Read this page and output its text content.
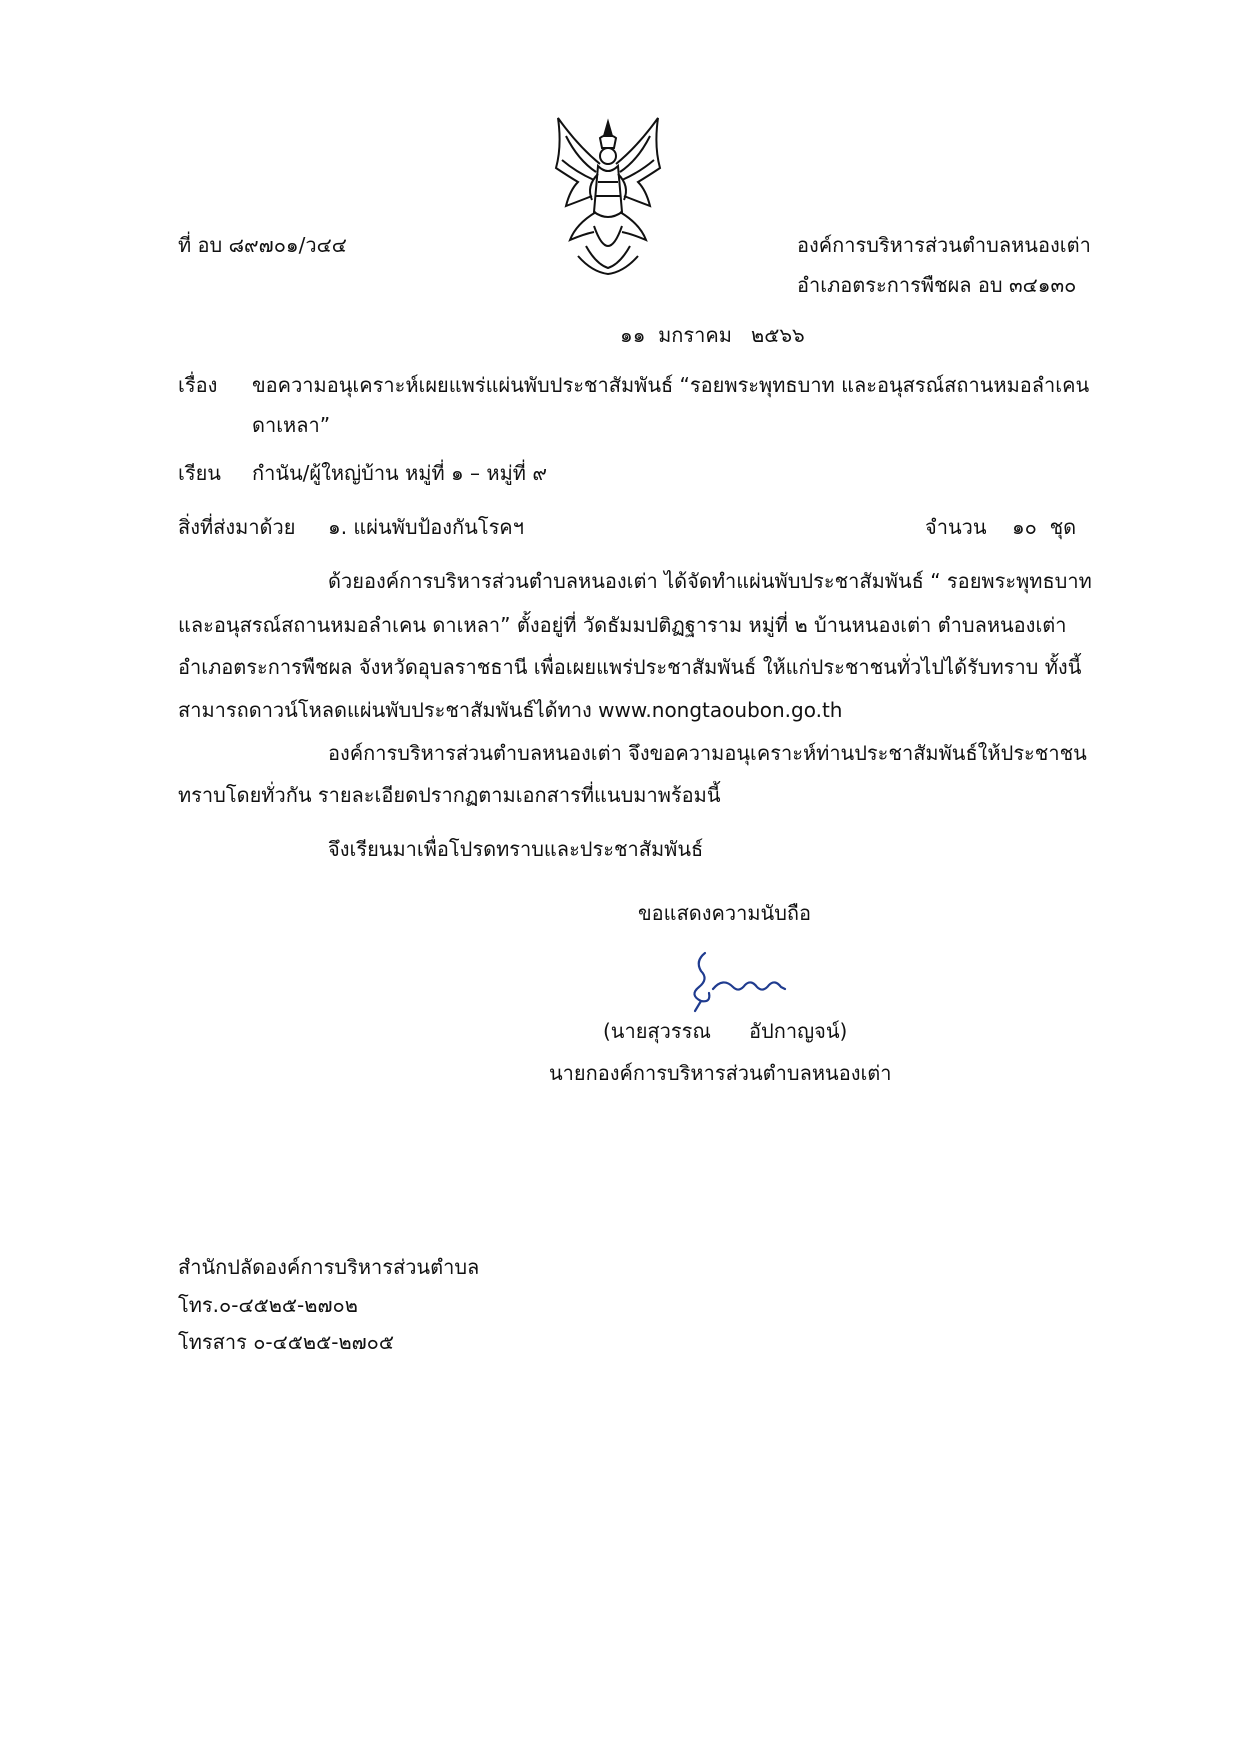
ที่ อบ ๘๙๗๐๑/ว๔๔	องค์การบริหารส่วนตำบลหนองเต่า
อำเภอตระการพืชผล อบ ๓๔๑๓๐
๑๑  มกราคม   ๒๕๖๖
เรื่อง ขอความอนุเคราะห์เผยแพร่แผ่นพับประชาสัมพันธ์ “รอยพระพุทธบาท และอนุสรณ์สถานหมอลำเคน
ดาเหลา”
เรียน กำนัน/ผู้ใหญ่บ้าน หมู่ที่ ๑ – หมู่ที่ ๙
สิ่งที่ส่งมาด้วย ๑. แผ่นพับป้องกันโรคฯ	จำนวน    ๑๐  ชุด
ด้วยองค์การบริหารส่วนตำบลหนองเต่า ได้จัดทำแผ่นพับประชาสัมพันธ์ “ รอยพระพุทธบาท
และอนุสรณ์สถานหมอลำเคน ดาเหลา” ตั้งอยู่ที่ วัดธัมมปติฏฐาราม หมู่ที่ ๒ บ้านหนองเต่า ตำบลหนองเต่า
อำเภอตระการพืชผล จังหวัดอุบลราชธานี เพื่อเผยแพร่ประชาสัมพันธ์ ให้แก่ประชาชนทั่วไปได้รับทราบ ทั้งนี้
สามารถดาวน์โหลดแผ่นพับประชาสัมพันธ์ได้ทาง www.nongtaoubon.go.th
องค์การบริหารส่วนตำบลหนองเต่า จึงขอความอนุเคราะห์ท่านประชาสัมพันธ์ให้ประชาชน
ทราบโดยทั่วกัน รายละเอียดปรากฏตามเอกสารที่แนบมาพร้อมนี้
จึงเรียนมาเพื่อโปรดทราบและประชาสัมพันธ์
ขอแสดงความนับถือ
(นายสุวรรณ      อัปกาญจน์)
นายกองค์การบริหารส่วนตำบลหนองเต่า
สำนักปลัดองค์การบริหารส่วนตำบล
โทร.๐-๔๕๒๕-๒๗๐๒
โทรสาร ๐-๔๕๒๕-๒๗๐๕
